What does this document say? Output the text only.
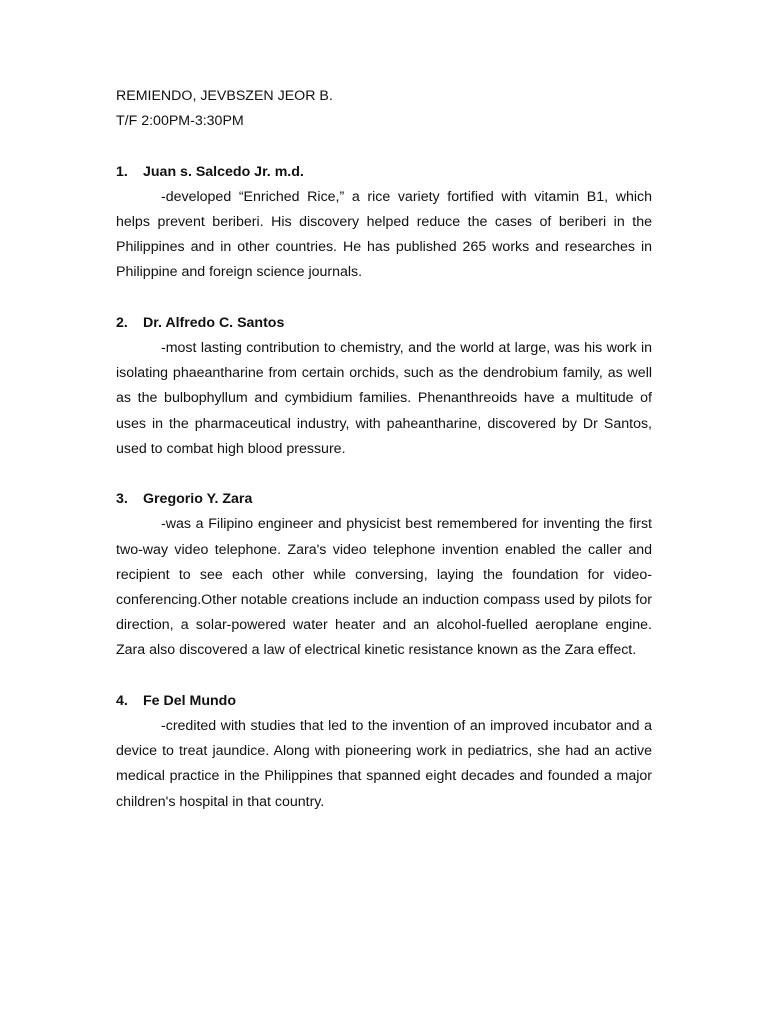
REMIENDO, JEVBSZEN JEOR B.
T/F 2:00PM-3:30PM
1. Juan s. Salcedo Jr. m.d.
-developed “Enriched Rice,” a rice variety fortified with vitamin B1, which helps prevent beriberi. His discovery helped reduce the cases of beriberi in the Philippines and in other countries. He has published 265 works and researches in Philippine and foreign science journals.
2. Dr. Alfredo C. Santos
-most lasting contribution to chemistry, and the world at large, was his work in isolating phaeantharine from certain orchids, such as the dendrobium family, as well as the bulbophyllum and cymbidium families. Phenanthreoids have a multitude of uses in the pharmaceutical industry, with paheantharine, discovered by Dr Santos, used to combat high blood pressure.
3. Gregorio Y. Zara
-was a Filipino engineer and physicist best remembered for inventing the first two-way video telephone. Zara's video telephone invention enabled the caller and recipient to see each other while conversing, laying the foundation for video-conferencing.Other notable creations include an induction compass used by pilots for direction, a solar-powered water heater and an alcohol-fuelled aeroplane engine. Zara also discovered a law of electrical kinetic resistance known as the Zara effect.
4. Fe Del Mundo
-credited with studies that led to the invention of an improved incubator and a device to treat jaundice. Along with pioneering work in pediatrics, she had an active medical practice in the Philippines that spanned eight decades and founded a major children's hospital in that country.
